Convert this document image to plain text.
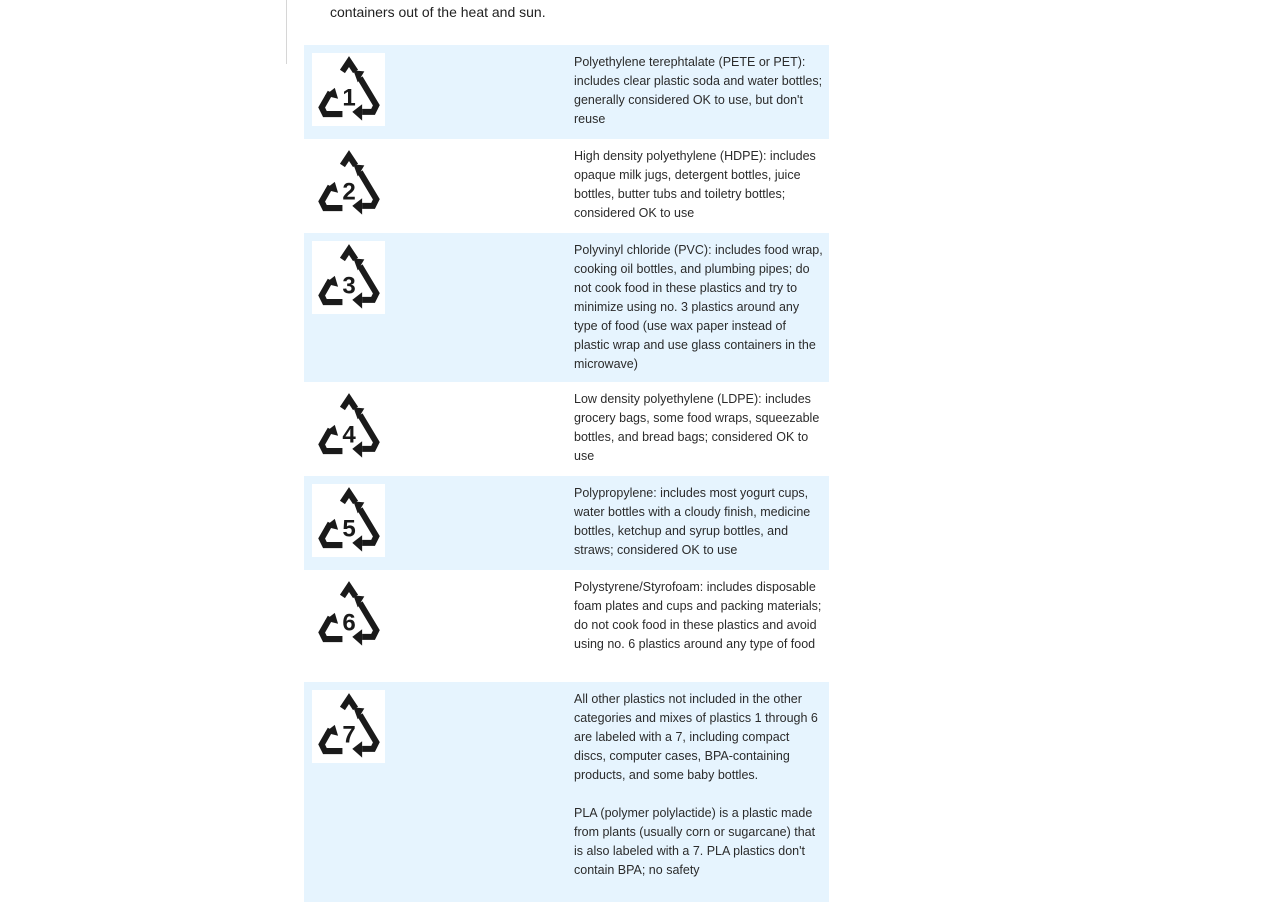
containers out of the heat and sun.

1

Polyethylene terephtalate (PETE or PET): includes clear plastic soda and water bottles; generally considered OK to use, but don't reuse

2

High density polyethylene (HDPE): includes opaque milk jugs, detergent bottles, juice bottles, butter tubs and toiletry bottles; considered OK to use

3

Polyvinyl chloride (PVC): includes food wrap, cooking oil bottles, and plumbing pipes; do not cook food in these plastics and try to minimize using no. 3 plastics around any type of food (use wax paper instead of plastic wrap and use glass containers in the microwave)

4

Low density polyethylene (LDPE): includes grocery bags, some food wraps, squeezable bottles, and bread bags; considered OK to use

5

Polypropylene: includes most yogurt cups, water bottles with a cloudy finish, medicine bottles, ketchup and syrup bottles, and straws; considered OK to use

6

Polystyrene/Styrofoam: includes disposable foam plates and cups and packing materials; do not cook food in these plastics and avoid using no. 6 plastics around any type of food

7

All other plastics not included in the other categories and mixes of plastics 1 through 6 are labeled with a 7, including compact discs, computer cases, BPA-containing products, and some baby bottles.

PLA (polymer polylactide) is a plastic made from plants (usually corn or sugarcane) that is also labeled with a 7. PLA plastics don't contain BPA; no safety
